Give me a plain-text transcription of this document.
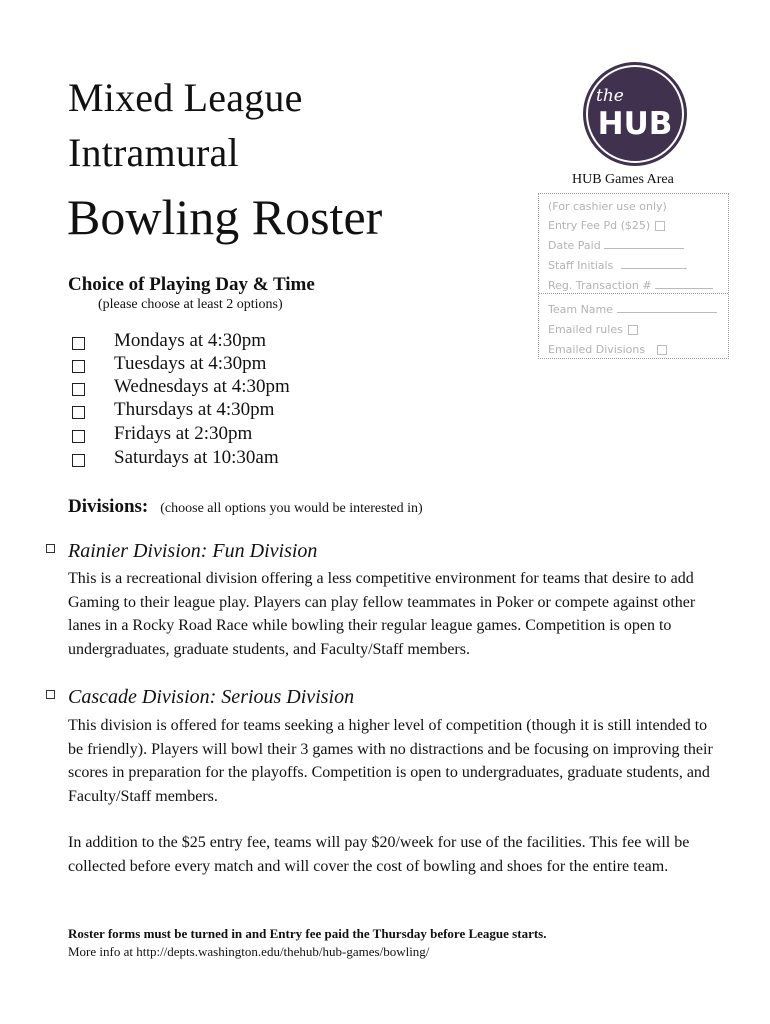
Mixed League
Intramural
Bowling Roster
the
HUB
HUB Games Area
(For cashier use only)
Entry Fee Pd ($25)
Date Paid
Staff Initials
Reg. Transaction #
Team Name
Emailed rules
Emailed Divisions
Choice of Playing Day & Time
(please choose at least 2 options)
Mondays at 4:30pm
Tuesdays at 4:30pm
Wednesdays at 4:30pm
Thursdays at 4:30pm
Fridays at 2:30pm
Saturdays at 10:30am
Divisions: (choose all options you would be interested in)
Rainier Division: Fun Division
This is a recreational division offering a less competitive environment for teams that desire to add Gaming to their league play. Players can play fellow teammates in Poker or compete against other lanes in a Rocky Road Race while bowling their regular league games. Competition is open to undergraduates, graduate students, and Faculty/Staff members.
Cascade Division: Serious Division
This division is offered for teams seeking a higher level of competition (though it is still intended to be friendly). Players will bowl their 3 games with no distractions and be focusing on improving their scores in preparation for the playoffs. Competition is open to undergraduates, graduate students, and Faculty/Staff members.
In addition to the $25 entry fee, teams will pay $20/week for use of the facilities. This fee will be collected before every match and will cover the cost of bowling and shoes for the entire team.
Roster forms must be turned in and Entry fee paid the Thursday before League starts.
More info at http://depts.washington.edu/thehub/hub-games/bowling/
